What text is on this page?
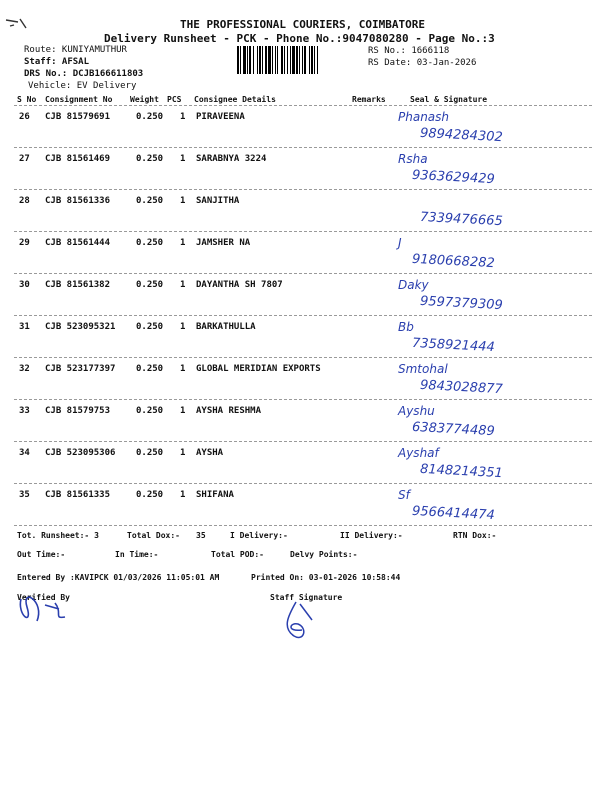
THE PROFESSIONAL COURIERS, COIMBATORE
Delivery Runsheet - PCK - Phone No.:9047080280 - Page No.:3
Route: KUNIYAMUTHUR
Staff: AFSAL
DRS No.: DCJB166611803
Vehicle: EV Delivery
RS No.: 1666118
RS Date: 03-Jan-2026
S No Consignment No Weight PCS Consignee Details	Remarks	Seal & Signature
26 CJB 81579691	0.250 1 PIRAVEENA	Phanash
9894284302
27 CJB 81561469	0.250 1 SARABNYA 3224	Rsha
9363629429
28 CJB 81561336	0.250 1 SANJITHA
7339476665
29 CJB 81561444	0.250 1 JAMSHER NA	J
9180668282
30 CJB 81561382	0.250 1 DAYANTHA SH 7807	Daky
9597379309
31 CJB 523095321 0.250 1 BARKATHULLA	Bb
7358921444
32 CJB 523177397 0.250 1 GLOBAL MERIDIAN EXPORTS	Smtohal
9843028877
33 CJB 81579753	0.250 1 AYSHA RESHMA	Ayshu
6383774489
34 CJB 523095306 0.250 1 AYSHA	Ayshaf
8148214351
35 CJB 81561335	0.250 1 SHIFANA	Sf
9566414474
Tot. Runsheet:- 3	Total Dox:- 35	I Delivery:-	II Delivery:-	RTN Dox:-
Out Time:-	In Time:-	Total POD:-	Delvy Points:-
Entered By :KAVIPCK 01/03/2026 11:05:01 AM	Printed On: 03-01-2026 10:58:44
Verified By	Staff Signature
